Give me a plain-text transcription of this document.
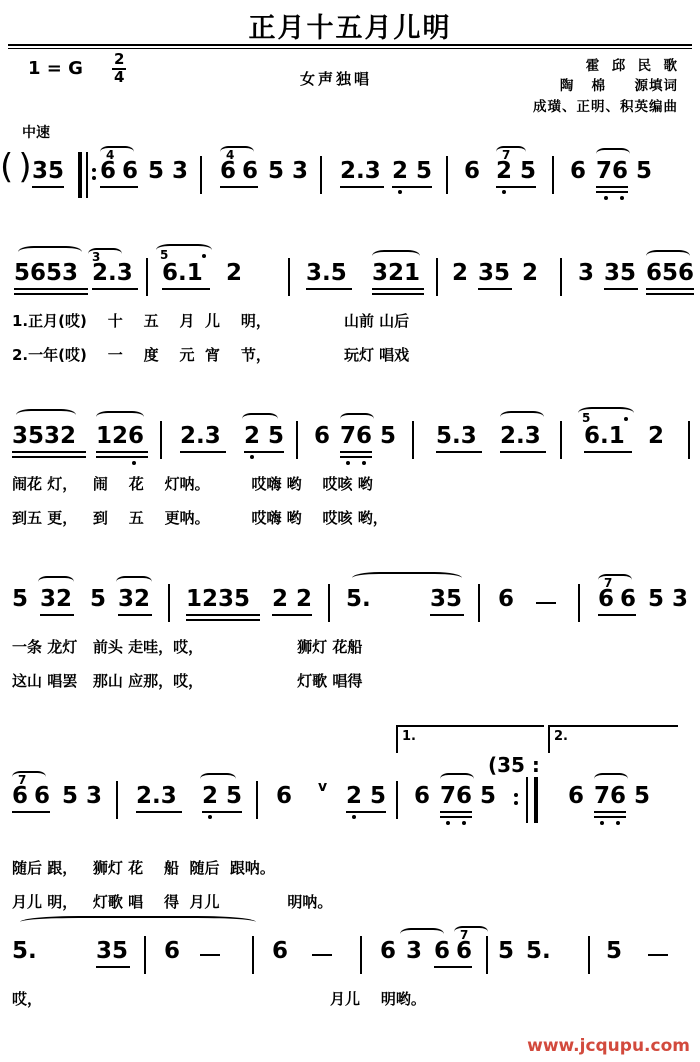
正月十五月儿明
1 = G $\frac{2}{4}$	女声独唱
霍  邱  民  歌
陶   棉     源填词
成璜、正明、积英编曲
中速
( 35
4
6 6 5 3
4
6 6 5 3 2.3 2 5 6
7
2 5 6 76 5
)
5653
3
2.3
5
6.1 2	3.5 321 2 35 2 3 35 656
1.正月(哎)    十    五    月  儿    明，              山前 山后
2.一年(哎)    一    度    元  宵    节，              玩灯 唱戏
3532 126 2.3 2 5 6 76 5 5.3 2.3
5
6.1 2
闹花 灯，   闹    花    灯呐。        哎嗨 哟    哎咳 哟
到五 更，   到    五    更呐。        哎嗨 哟    哎咳 哟，
5 32 5 32 1235 2 2 5.	35 6
7
6 6 5 3
一条 龙灯   前头 走哇，哎，                  狮灯 花船
这山 唱罢   那山 应那，哎，                  灯歌 唱得
1.	2.
(35 :
7
6 6 5 3 2.3 2 5 6 v 2 5 6 76 5	6 76 5
随后 跟，   狮灯 花    船  随后  跟呐。
月儿 明，   灯歌 唱    得  月儿             明呐。
5.	35 6	6	6 3
7
6 6 5 5. 5
哎，	月儿    明哟。
www.jcqupu.com
